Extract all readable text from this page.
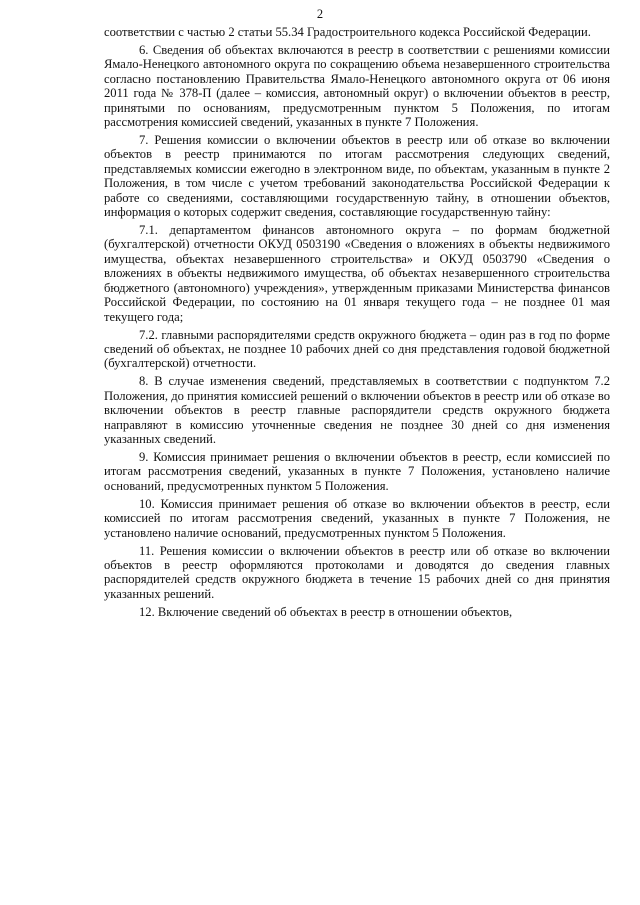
2

соответствии с частью 2 статьи 55.34 Градостроительного кодекса Российской Федерации.

6. Сведения об объектах включаются в реестр в соответствии с решениями комиссии Ямало-Ненецкого автономного округа по сокращению объема незавершенного строительства согласно постановлению Правительства Ямало-Ненецкого автономного округа от 06 июня 2011 года № 378-П (далее – комиссия, автономный округ) о включении объектов в реестр, принятыми по основаниям, предусмотренным пунктом 5 Положения, по итогам рассмотрения комиссией сведений, указанных в пункте 7 Положения.

7. Решения комиссии о включении объектов в реестр или об отказе во включении объектов в реестр принимаются по итогам рассмотрения следующих сведений, представляемых комиссии ежегодно в электронном виде, по объектам, указанным в пункте 2 Положения, в том числе с учетом требований законодательства Российской Федерации к работе со сведениями, составляющими государственную тайну, в отношении объектов, информация о которых содержит сведения, составляющие государственную тайну:

7.1. департаментом финансов автономного округа – по формам бюджетной (бухгалтерской) отчетности ОКУД 0503190 «Сведения о вложениях в объекты недвижимого имущества, объектах незавершенного строительства» и ОКУД 0503790 «Сведения о вложениях в объекты недвижимого имущества, об объектах незавершенного строительства бюджетного (автономного) учреждения», утвержденным приказами Министерства финансов Российской Федерации, по состоянию на 01 января текущего года – не позднее 01 мая текущего года;

7.2. главными распорядителями средств окружного бюджета – один раз в год по форме сведений об объектах, не позднее 10 рабочих дней со дня представления годовой бюджетной (бухгалтерской) отчетности.

8. В случае изменения сведений, представляемых в соответствии с подпунктом 7.2 Положения, до принятия комиссией решений о включении объектов в реестр или об отказе во включении объектов в реестр главные распорядители средств окружного бюджета направляют в комиссию уточненные сведения не позднее 30 дней со дня изменения указанных сведений.

9. Комиссия принимает решения о включении объектов в реестр, если комиссией по итогам рассмотрения сведений, указанных в пункте 7 Положения, установлено наличие оснований, предусмотренных пунктом 5 Положения.

10. Комиссия принимает решения об отказе во включении объектов в реестр, если комиссией по итогам рассмотрения сведений, указанных в пункте 7 Положения, не установлено наличие оснований, предусмотренных пунктом 5 Положения.

11. Решения комиссии о включении объектов в реестр или об отказе во включении объектов в реестр оформляются протоколами и доводятся до сведения главных распорядителей средств окружного бюджета в течение 15 рабочих дней со дня принятия указанных решений.

12. Включение сведений об объектах в реестр в отношении объектов,
